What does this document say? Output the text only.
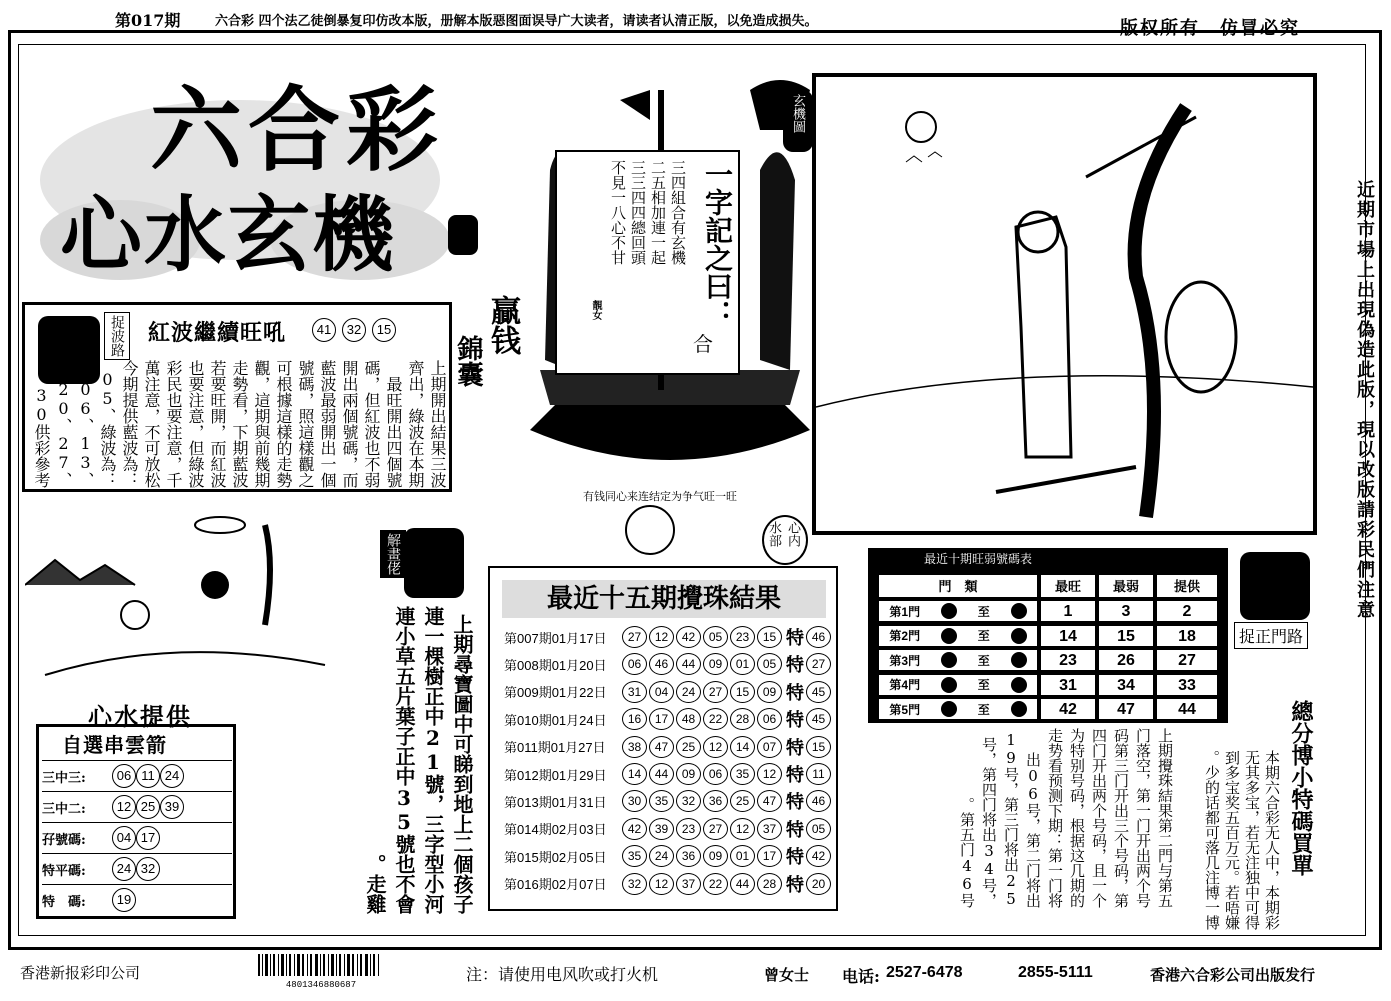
第017期	六合彩 四个法乙徒倒暴复印仿改本版，册解本版惡图面误导广大读者，请读者认清正版，以免造成损失。	版权所有　仿冒必究
六合彩
心水玄機	一字記之曰：
合
三四組合有玄機
二五相加連一起
三三四四總回頭
不見一八心不甘
靚女
贏钱
錦囊
玄機圖
近期市場上出現偽造此版，現以改版請彩民們注意
捉波路 紅波繼續旺吼	41	32	15
上期開出結果三波齊出，綠波在本期最旺開出四個號碼，但紅波也不弱開出兩個號碼，而藍波最弱開出一個號碼，照這樣觀之可根據這樣的走勢觀，這期與前幾期走勢看，下期藍波若要旺開，而紅波也要注意，但綠波彩民也要注意，千萬注意，不可放松今期提供藍波為：05、綠波為：06、13、20、27、30供彩參考。
心水提供
自選串雲箭
三中三:	06 11 24
三中二:	12 25 39
孖號碼:	04 17
特平碼:	24 32
特　碼:	19
解畫佬
上期尋寶圖中可睇到地上二個孩子連一棵樹正中21號，三字型小河連小草五片葉子正中35號也不會走雞。
有钱同心来连结定为争气旺一旺
心内水部
最近十五期攪珠結果
第007期01月17日	27	12	42	05	23	15 特 46
第008期01月20日	06	46	44	09	01	05 特 27
第009期01月22日	31	04	24	27	15	09 特 45
第010期01月24日	16	17	48	22	28	06 特 45
第011期01月27日	38	47	25	12	14	07 特 15
第012期01月29日	14	44	09	06	35	12 特 11
第013期01月31日	30	35	32	36	25	47 特 46
第014期02月03日	42	39	23	27	12	37 特 05
第015期02月05日	35	24	36	09	01	17 特 42
第016期02月07日	32	12	37	22	44	28 特 20
最近十期旺弱號碼表
門　類	最旺	最弱	提供
第1門	至	1	3	2
第2門	至	14	15	18
第3門	至	23	26	27
第4門	至	31	34	33
第5門	至	42	47	44
捉正門路
上期攪珠結果第二門与第五门落空，第一门开出两个号码第三门开出三个号码，第四门开出两个号码，且一个为特别号码，根据这几期的走势看预测下期：第一门将出06号，第二门将出19号，第三门将出25号，第四门将出34号，第五门46号。	總分博小特碼買單
本期六合彩无人中，本期彩无其多宝，若无注独中可得到多宝奖五百万元。若唔嫌少的话都可落几注博一博。
香港新报彩印公司
4801346880687
注：请使用电风吹或打火机	曾女士 电话: 2527-6478	2855-5111	香港六合彩公司出版发行
